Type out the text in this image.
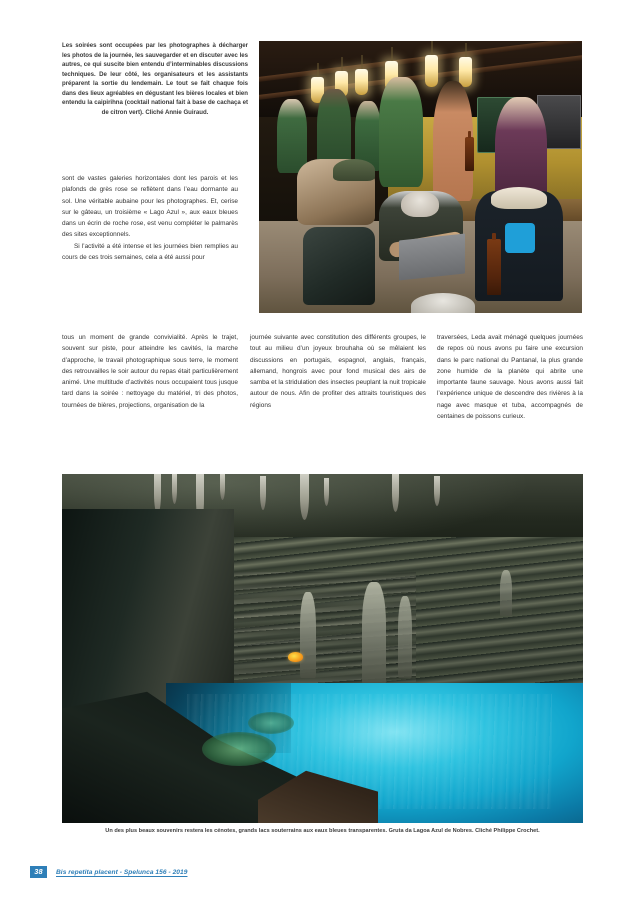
Les soirées sont occupées par les photographes à décharger les photos de la journée, les sauvegarder et en discuter avec les autres, ce qui suscite bien entendu d’interminables discussions techniques. De leur côté, les organisateurs et les assistants préparent la sortie du lendemain. Le tout se fait chaque fois dans des lieux agréables en dégustant les bières locales et bien entendu la caipirihna (cocktail national fait à base de cachaça et de citron vert). Cliché Annie Guiraud.

sont de vastes galeries horizontales dont les parois et les plafonds de grès rose se reflètent dans l’eau dormante au sol. Une véritable aubaine pour les photographes. Et, cerise sur le gâteau, un troisième « Lago Azul », aux eaux bleues dans un écrin de roche rose, est venu compléter le palmarès des sites exceptionnels.

Si l’activité a été intense et les journées bien remplies au cours de ces trois semaines, cela a été aussi pour

tous un moment de grande convivialité. Après le trajet, souvent sur piste, pour atteindre les cavités, la marche d’approche, le travail photographique sous terre, le moment des retrouvailles le soir autour du repas était particulièrement animé. Une multitude d’activités nous occupaient tous jusque tard dans la soirée : nettoyage du matériel, tri des photos, tournées de bières, projections, organisation de la

journée suivante avec constitution des différents groupes, le tout au milieu d’un joyeux brouhaha où se mêlaient les discussions en portugais, espagnol, anglais, français, allemand, hongrois avec pour fond musical des airs de samba et la stridulation des insectes peuplant la nuit tropicale autour de nous. Afin de profiter des attraits touristiques des régions

traversées, Leda avait ménagé quelques journées de repos où nous avons pu faire une excursion dans le parc national du Pantanal, la plus grande zone humide de la planète qui abrite une importante faune sauvage. Nous avons aussi fait l’expérience unique de descendre des rivières à la nage avec masque et tuba, accompagnés de centaines de poissons curieux.

Un des plus beaux souvenirs restera les cénotes, grands lacs souterrains aux eaux bleues transparentes. Gruta da Lagoa Azul de Nobres. Cliché Philippe Crochet.
38	Bis repetita placent - Spelunca 156 - 2019
